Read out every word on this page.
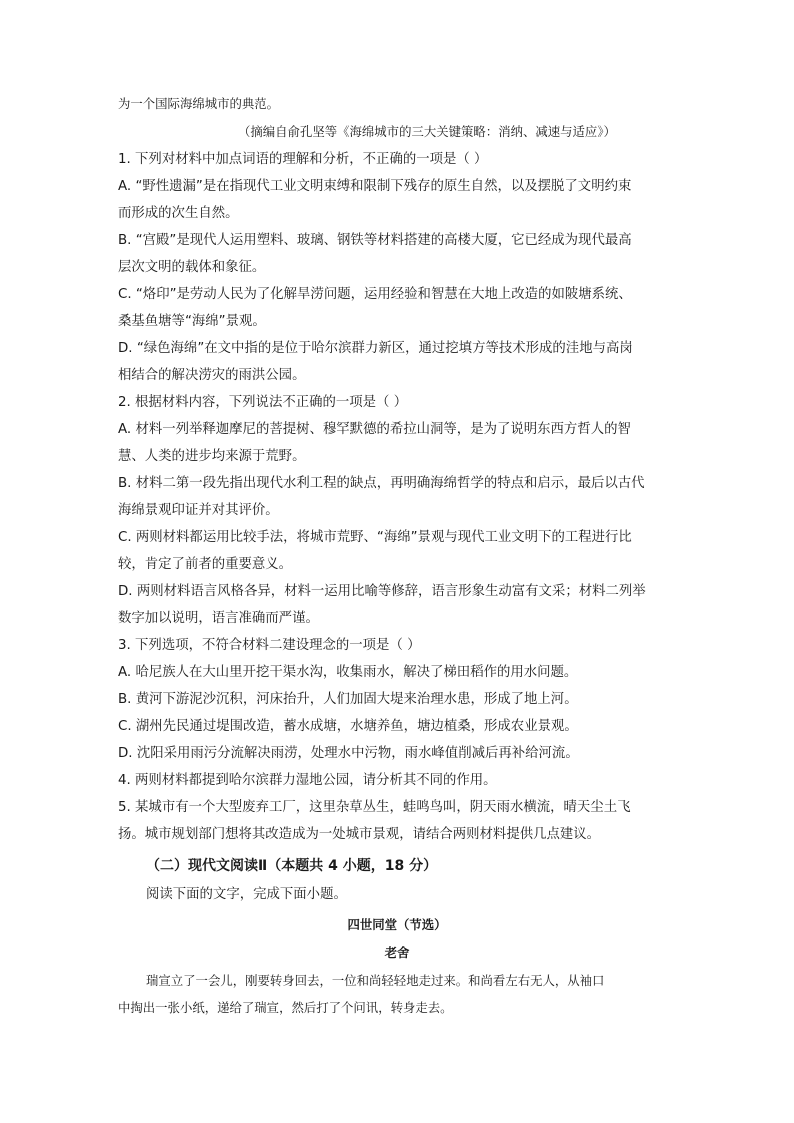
为一个国际海绵城市的典范。
（摘编自俞孔坚等《海绵城市的三大关键策略：消纳、减速与适应》）
1. 下列对材料中加点词语的理解和分析，不正确的一项是（ ）
A. “野性遗漏”是在指现代工业文明束缚和限制下残存的原生自然，以及摆脱了文明约束
而形成的次生自然。
B. “宫殿”是现代人运用塑料、玻璃、钢铁等材料搭建的高楼大厦，它已经成为现代最高
层次文明的载体和象征。
C. “烙印”是劳动人民为了化解旱涝问题，运用经验和智慧在大地上改造的如陂塘系统、
桑基鱼塘等“海绵”景观。
D. “绿色海绵”在文中指的是位于哈尔滨群力新区，通过挖填方等技术形成的洼地与高岗
相结合的解决涝灾的雨洪公园。
2. 根据材料内容，下列说法不正确的一项是（ ）
A. 材料一列举释迦摩尼的菩提树、穆罕默德的希拉山洞等，是为了说明东西方哲人的智
慧、人类的进步均来源于荒野。
B. 材料二第一段先指出现代水利工程的缺点，再明确海绵哲学的特点和启示，最后以古代
海绵景观印证并对其评价。
C. 两则材料都运用比较手法，将城市荒野、“海绵”景观与现代工业文明下的工程进行比
较，肯定了前者的重要意义。
D. 两则材料语言风格各异，材料一运用比喻等修辞，语言形象生动富有文采；材料二列举
数字加以说明，语言准确而严谨。
3. 下列选项，不符合材料二建设理念的一项是（ ）
A. 哈尼族人在大山里开挖干渠水沟，收集雨水，解决了梯田稻作的用水问题。
B. 黄河下游泥沙沉积，河床抬升，人们加固大堤来治理水患，形成了地上河。
C. 湖州先民通过堤围改造，蓄水成塘，水塘养鱼，塘边植桑，形成农业景观。
D. 沈阳采用雨污分流解决雨涝，处理水中污物，雨水峰值削减后再补给河流。
4. 两则材料都提到哈尔滨群力湿地公园，请分析其不同的作用。
5. 某城市有一个大型废弃工厂，这里杂草丛生，蛙鸣鸟叫，阴天雨水横流，晴天尘土飞
扬。城市规划部门想将其改造成为一处城市景观，请结合两则材料提供几点建议。
（二）现代文阅读Ⅱ（本题共 4 小题，18 分）
阅读下面的文字，完成下面小题。
四世同堂（节选）
老舍
瑞宣立了一会儿，刚要转身回去，一位和尚轻轻地走过来。和尚看左右无人，从袖口
中掏出一张小纸，递给了瑞宣，然后打了个问讯，转身走去。
